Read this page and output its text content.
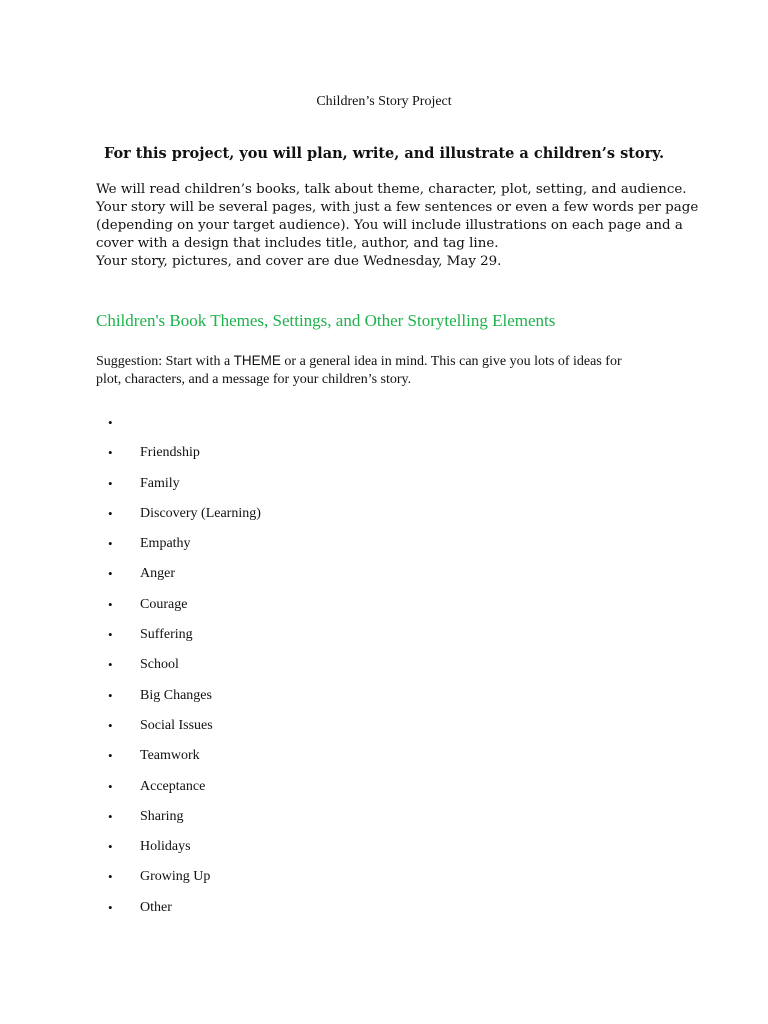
Children’s Story Project
For this project, you will plan, write, and illustrate a children’s story.

We will read children’s books, talk about theme, character, plot, setting, and audience.

Your story will be several pages, with just a few sentences or even a few words per page

(depending on your target audience). You will include illustrations on each page and a

cover with a design that includes title, author, and tag line.

Your story, pictures, and cover are due Wednesday, May 29.

Children's Book Themes, Settings, and Other Storytelling Elements

Suggestion: Start with a THEME or a general idea in mind. This can give you lots of ideas for

plot, characters, and a message for your children’s story.

•
• Friendship
• Family
• Discovery (Learning)
• Empathy
• Anger
• Courage
• Suffering
• School
• Big Changes
• Social Issues
• Teamwork
• Acceptance
• Sharing
• Holidays
• Growing Up
• Other
